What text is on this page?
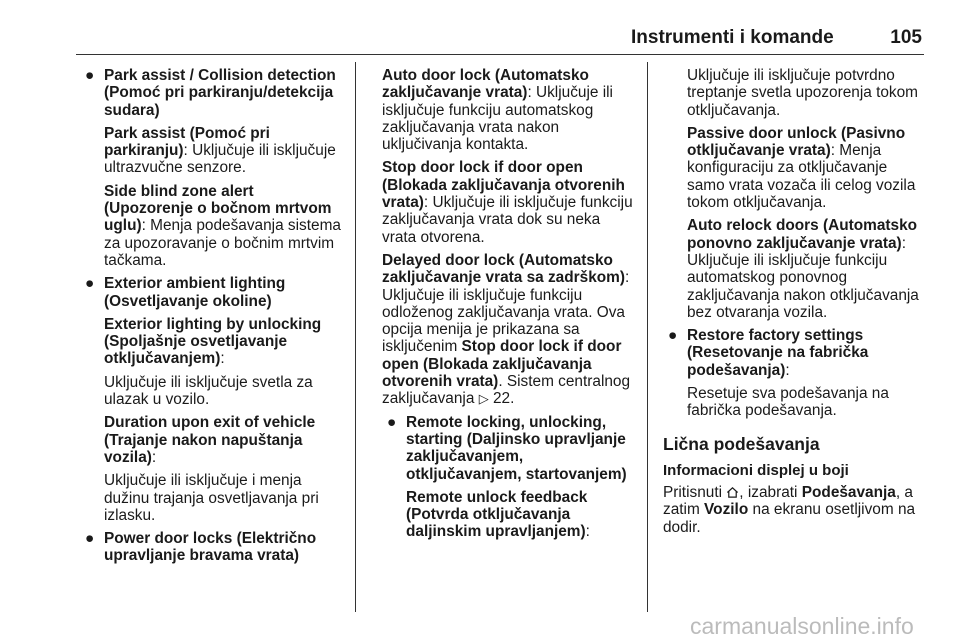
Instrumenti i komande	105
● Park assist / Collision detection (Pomoć pri parkiranju/detekcija sudara)
Park assist (Pomoć pri parkiranju): Uključuje ili isključuje ultrazvučne senzore.
Side blind zone alert (Upozorenje o bočnom mrtvom uglu): Menja podešavanja sistema za upozoravanje o bočnim mrtvim tačkama.
● Exterior ambient lighting (Osvetljavanje okoline)
Exterior lighting by unlocking (Spoljašnje osvetljavanje otključavanjem):
Uključuje ili isključuje svetla za ulazak u vozilo.
Duration upon exit of vehicle (Trajanje nakon napuštanja vozila):
Uključuje ili isključuje i menja dužinu trajanja osvetljavanja pri izlasku.
● Power door locks (Električno upravljanje bravama vrata)
Auto door lock (Automatsko zaključavanje vrata): Uključuje ili isključuje funkciju automatskog zaključavanja vrata nakon uključivanja kontakta.
Stop door lock if door open (Blokada zaključavanja otvorenih vrata): Uključuje ili isključuje funkciju zaključavanja vrata dok su neka vrata otvorena.
Delayed door lock (Automatsko zaključavanje vrata sa zadrškom): Uključuje ili isključuje funkciju odloženog zaključavanja vrata. Ova opcija menija je prikazana sa isključenim Stop door lock if door open (Blokada zaključavanja otvorenih vrata). Sistem centralnog zaključavanja ▷ 22.
● Remote locking, unlocking, starting (Daljinsko upravljanje zaključavanjem, otključavanjem, startovanjem)
Remote unlock feedback (Potvrda otključavanja daljinskim upravljanjem):
Uključuje ili isključuje potvrdno treptanje svetla upozorenja tokom otključavanja.
Passive door unlock (Pasivno otključavanje vrata): Menja konfiguraciju za otključavanje samo vrata vozača ili celog vozila tokom otključavanja.
Auto relock doors (Automatsko ponovno zaključavanje vrata): Uključuje ili isključuje funkciju automatskog ponovnog zaključavanja nakon otključavanja bez otvaranja vozila.
● Restore factory settings (Resetovanje na fabrička podešavanja):
Resetuje sva podešavanja na fabrička podešavanja.
Lična podešavanja
Informacioni displej u boji
Pritisnuti , izabrati Podešavanja, a zatim Vozilo na ekranu osetljivom na dodir.
carmanualsonline.info
